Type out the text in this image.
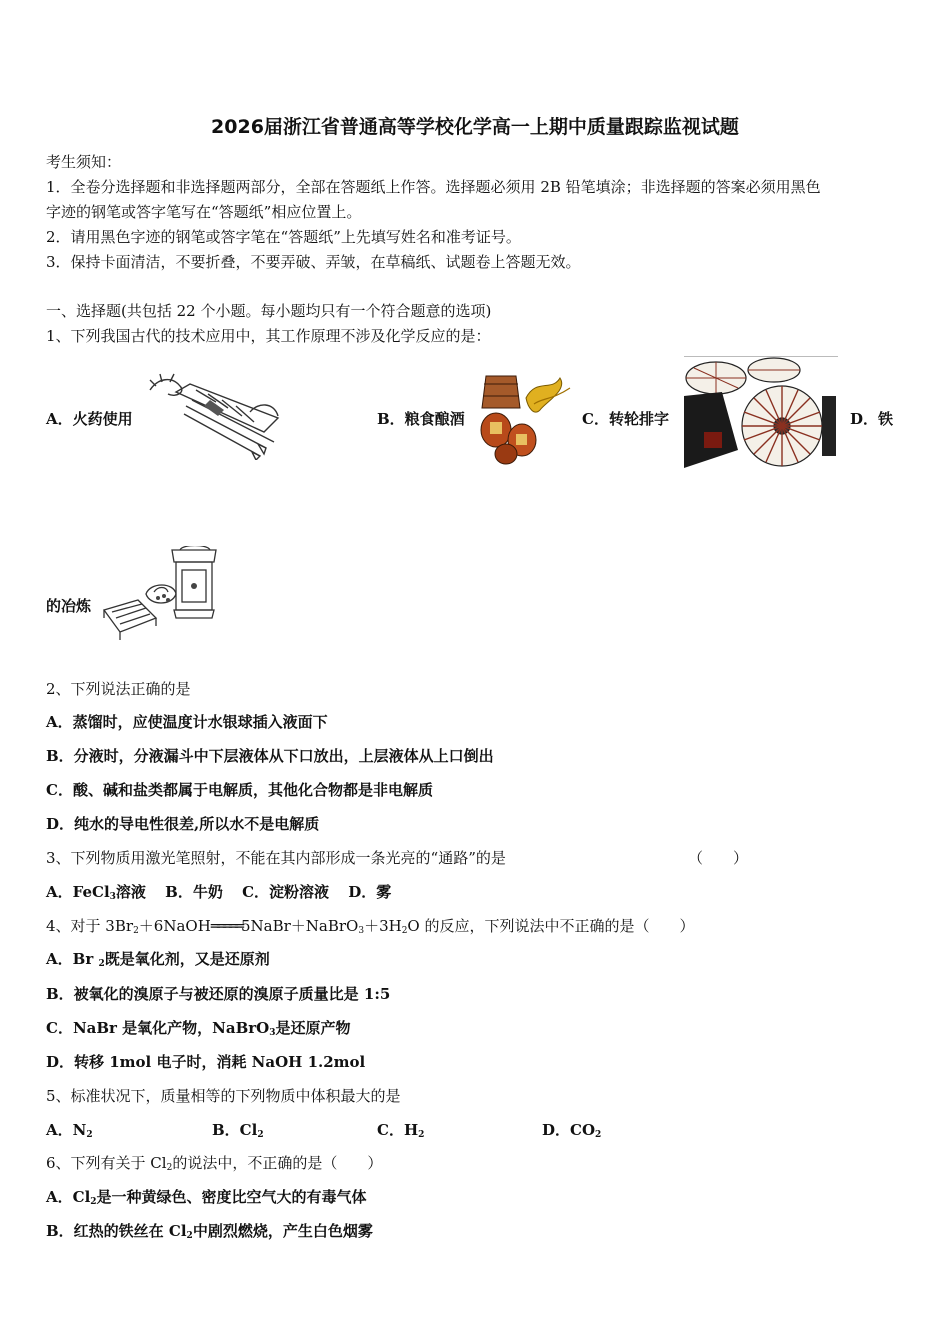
2026届浙江省普通高等学校化学高一上期中质量跟踪监视试题
考生须知：
1．全卷分选择题和非选择题两部分，全部在答题纸上作答。选择题必须用 2B 铅笔填涂；非选择题的答案必须用黑色
字迹的钢笔或答字笔写在“答题纸”相应位置上。
2．请用黑色字迹的钢笔或答字笔在“答题纸”上先填写姓名和准考证号。
3．保持卡面清洁，不要折叠，不要弄破、弄皱，在草稿纸、试题卷上答题无效。
一、选择题(共包括 22 个小题。每小题均只有一个符合题意的选项)
1、下列我国古代的技术应用中，其工作原理不涉及化学反应的是：
A．火药使用	B．粮食酿酒	C．转轮排字	D．铁
的冶炼
2、下列说法正确的是
A．蒸馏时，应使温度计水银球插入液面下
B．分液时，分液漏斗中下层液体从下口放出，上层液体从上口倒出
C．酸、碱和盐类都属于电解质，其他化合物都是非电解质
D．纯水的导电性很差,所以水不是电解质
3、下列物质用激光笔照射，不能在其内部形成一条光亮的“通路”的是	（　　）
A．FeCl$_3$溶液 B．牛奶 C．淀粉溶液 D．雾
4、对于 $3Br_2+6NaOH═════5NaBr+NaBrO_3+3H_2O$ 的反应，下列说法中不正确的是（　　）
A．Br $_2$既是氧化剂，又是还原剂
B．被氧化的溴原子与被还原的溴原子质量比是 1:5
C．NaBr 是氧化产物，NaBrO$_3$是还原产物
D．转移 1mol 电子时，消耗 NaOH 1.2mol
5、标准状况下，质量相等的下列物质中体积最大的是
A．$N_2$	B．$Cl_2$	C．$H_2$	D．$CO_2$
6、下列有关于 $Cl_2$的说法中，不正确的是（　　）
A．$Cl_2$是一种黄绿色、密度比空气大的有毒气体
B．红热的铁丝在 $Cl_2$中剧烈燃烧，产生白色烟雾
